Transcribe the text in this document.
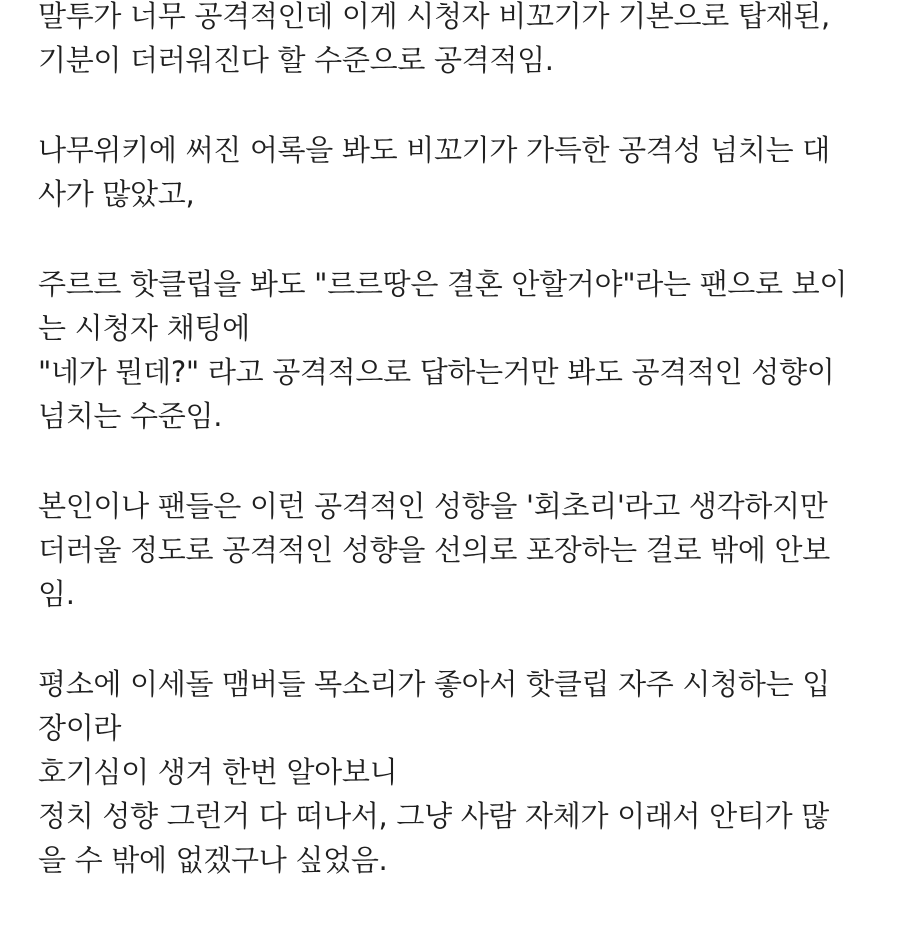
말투가 너무 공격적인데 이게 시청자 비꼬기가 기본으로 탑재된,
기분이 더러워진다 할 수준으로 공격적임.
나무위키에 써진 어록을 봐도 비꼬기가 가득한 공격성 넘치는 대
사가 많았고,
주르르 핫클립을 봐도 "르르땅은 결혼 안할거야"라는 팬으로 보이
는 시청자 채팅에
"네가 뭔데?" 라고 공격적으로 답하는거만 봐도 공격적인 성향이
넘치는 수준임.
본인이나 팬들은 이런 공격적인 성향을 '회초리'라고 생각하지만
더러울 정도로 공격적인 성향을 선의로 포장하는 걸로 밖에 안보
임.
평소에 이세돌 맴버들 목소리가 좋아서 핫클립 자주 시청하는 입
장이라
호기심이 생겨 한번 알아보니
정치 성향 그런거 다 떠나서, 그냥 사람 자체가 이래서 안티가 많
을 수 밖에 없겠구나 싶었음.
